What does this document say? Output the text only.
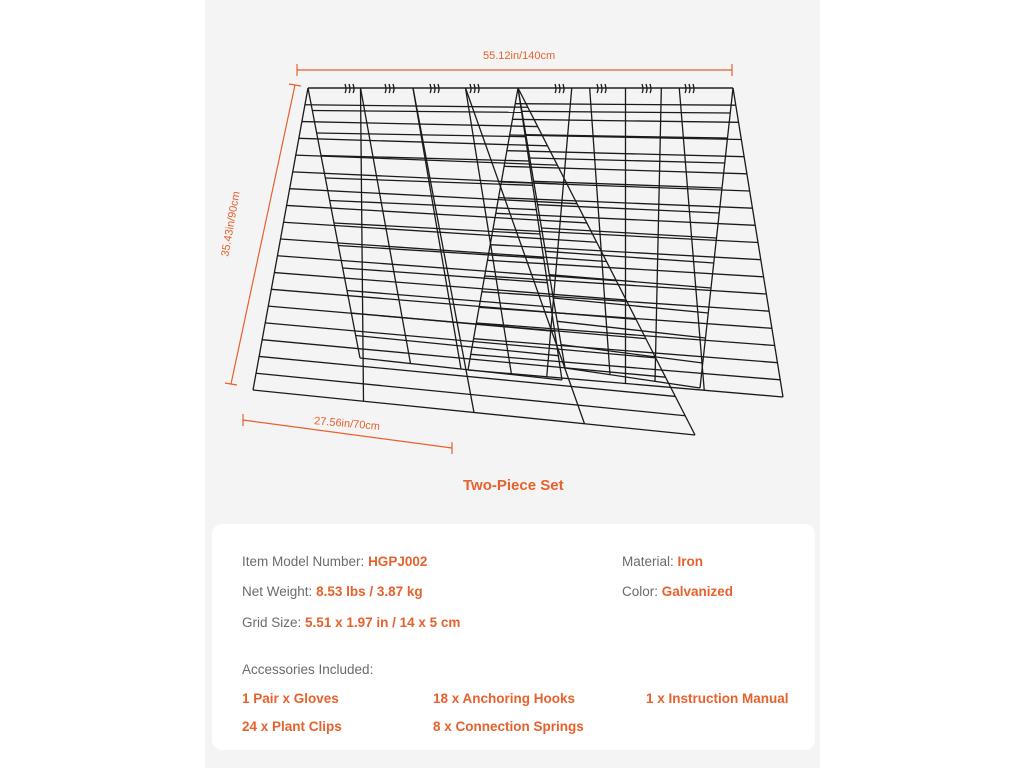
55.12in/140cm
35.43in/90cm
27.56in/70cm
Two-Piece Set
Item Model Number: HGPJ002
Net Weight: 8.53 lbs / 3.87 kg
Grid Size: 5.51 x 1.97 in / 14 x 5 cm
Material: Iron
Color: Galvanized
Accessories Included:
1 Pair x Gloves	18 x Anchoring Hooks	1 x Instruction Manual
24 x Plant Clips	8 x Connection Springs
